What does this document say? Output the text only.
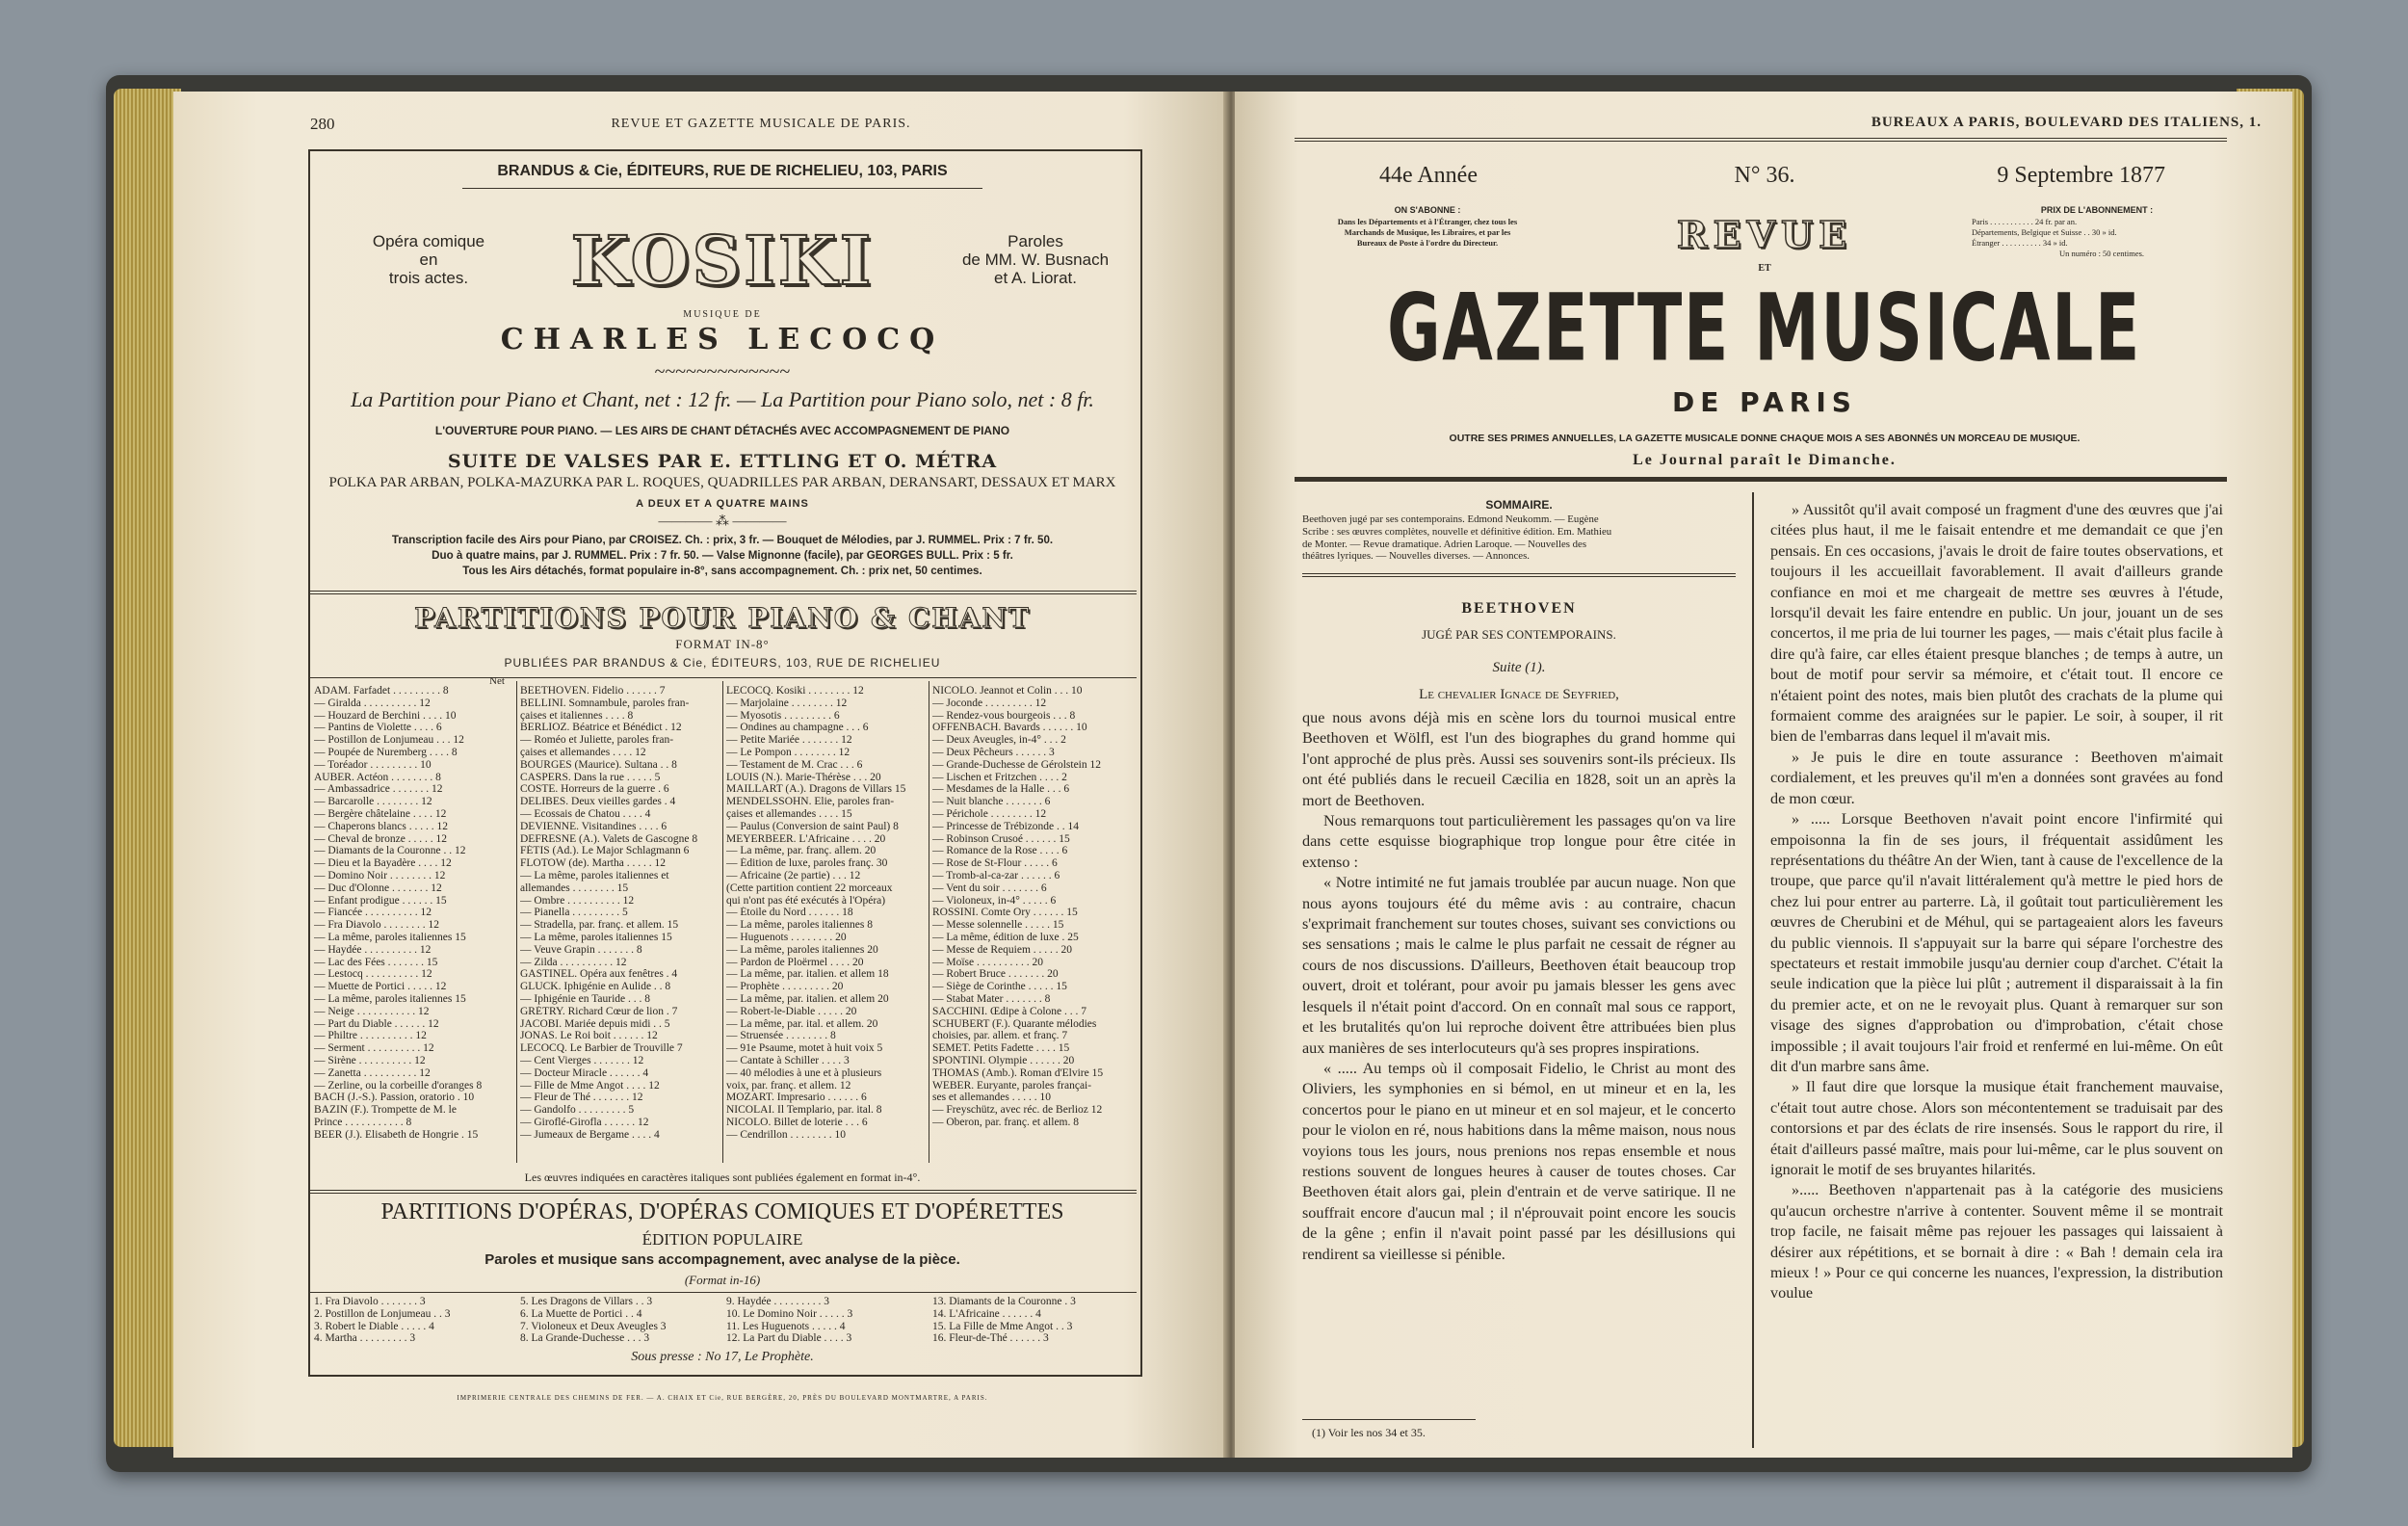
280	REVUE ET GAZETTE MUSICALE DE PARIS.
BRANDUS & Cie, ÉDITEURS, RUE DE RICHELIEU, 103, PARIS
Opéra comique
en
trois actes.	KOSIKI	Paroles
de MM. W. Busnach
et A. Liorat.
MUSIQUE DE
CHARLES LECOCQ
~~~~~~~~~~~~~
La Partition pour Piano et Chant, net : 12 fr. — La Partition pour Piano solo, net : 8 fr.
L'OUVERTURE POUR PIANO. — LES AIRS DE CHANT DÉTACHÉS AVEC ACCOMPAGNEMENT DE PIANO
SUITE DE VALSES PAR E. ETTLING ET O. MÉTRA
POLKA PAR ARBAN, POLKA-MAZURKA PAR L. ROQUES, QUADRILLES PAR ARBAN, DERANSART, DESSAUX ET MARX
A DEUX ET A QUATRE MAINS
———— ⁂ ————
Transcription facile des Airs pour Piano, par CROISEZ. Ch. : prix, 3 fr. — Bouquet de Mélodies, par J. RUMMEL. Prix : 7 fr. 50.
Duo à quatre mains, par J. RUMMEL. Prix : 7 fr. 50. — Valse Mignonne (facile), par GEORGES BULL. Prix : 5 fr.
Tous les Airs détachés, format populaire in-8°, sans accompagnement. Ch. : prix net, 50 centimes.
PARTITIONS POUR PIANO & CHANT
FORMAT IN-8°
PUBLIÉES PAR BRANDUS & Cie, ÉDITEURS, 103, RUE DE RICHELIEU
ADAM. Farfadet . . . . . . . . . 8
— Giralda . . . . . . . . . . 12
— Houzard de Berchini . . . . 10
— Pantins de Violette . . . . 6
— Postillon de Lonjumeau . . . 12
— Poupée de Nuremberg . . . . 8
— Toréador . . . . . . . . . 10
AUBER. Actéon . . . . . . . . 8
— Ambassadrice . . . . . . . 12
— Barcarolle . . . . . . . . 12
— Bergère châtelaine . . . . 12
— Chaperons blancs . . . . . 12
— Cheval de bronze . . . . . 12
— Diamants de la Couronne . . 12
— Dieu et la Bayadère . . . . 12
— Domino Noir . . . . . . . . 12
— Duc d'Olonne . . . . . . . 12
— Enfant prodigue . . . . . . 15
— Fiancée . . . . . . . . . . 12
— Fra Diavolo . . . . . . . . 12
— La même, paroles italiennes 15
— Haydée . . . . . . . . . . 12
— Lac des Fées . . . . . . . 15
— Lestocq . . . . . . . . . . 12
— Muette de Portici . . . . . 12
— La même, paroles italiennes 15
— Neige . . . . . . . . . . . 12
— Part du Diable . . . . . . 12
— Philtre . . . . . . . . . . 12
— Serment . . . . . . . . . . 12
— Sirène . . . . . . . . . . 12
— Zanetta . . . . . . . . . . 12
— Zerline, ou la corbeille d'oranges 8
BACH (J.-S.). Passion, oratorio . 10
BAZIN (F.). Trompette de M. le
Prince . . . . . . . . . . . 8
BEER (J.). Elisabeth de Hongrie . 15
BEETHOVEN. Fidelio . . . . . . 7
BELLINI. Somnambule, paroles fran-
çaises et italiennes . . . . 8
BERLIOZ. Béatrice et Bénédict . 12
— Roméo et Juliette, paroles fran-
çaises et allemandes . . . . 12
BOURGES (Maurice). Sultana . . 8
CASPERS. Dans la rue . . . . . 5
COSTE. Horreurs de la guerre . 6
DELIBES. Deux vieilles gardes . 4
— Ecossais de Chatou . . . . 4
DEVIENNE. Visitandines . . . . 6
DEFRESNE (A.). Valets de Gascogne 8
FÉTIS (Ad.). Le Major Schlagmann 6
FLOTOW (de). Martha . . . . . 12
— La même, paroles italiennes et
allemandes . . . . . . . . 15
— Ombre . . . . . . . . . . 12
— Pianella . . . . . . . . . 5
— Stradella, par. franç. et allem. 15
— La même, paroles italiennes 15
— Veuve Grapin . . . . . . . 8
— Zilda . . . . . . . . . . 12
GASTINEL. Opéra aux fenêtres . 4
GLUCK. Iphigénie en Aulide . . 8
— Iphigénie en Tauride . . . 8
GRÉTRY. Richard Cœur de lion . 7
JACOBI. Mariée depuis midi . . 5
JONAS. Le Roi boit . . . . . . 12
LECOCQ. Le Barbier de Trouville 7
— Cent Vierges . . . . . . . 12
— Docteur Miracle . . . . . . 4
— Fille de Mme Angot . . . . 12
— Fleur de Thé . . . . . . . 12
— Gandolfo . . . . . . . . . 5
— Giroflé-Girofla . . . . . . 12
— Jumeaux de Bergame . . . . 4
LECOCQ. Kosiki . . . . . . . . 12
— Marjolaine . . . . . . . . 12
— Myosotis . . . . . . . . . 6
— Ondines au champagne . . . 6
— Petite Mariée . . . . . . . 12
— Le Pompon . . . . . . . . 12
— Testament de M. Crac . . . 6
LOUIS (N.). Marie-Thérèse . . . 20
MAILLART (A.). Dragons de Villars 15
MENDELSSOHN. Elie, paroles fran-
çaises et allemandes . . . . 15
— Paulus (Conversion de saint Paul) 8
MEYERBEER. L'Africaine . . . . 20
— La même, par. franç. allem. 20
— Édition de luxe, paroles franç. 30
— Africaine (2e partie) . . . 12
(Cette partition contient 22 morceaux
qui n'ont pas été exécutés à l'Opéra)
— Étoile du Nord . . . . . . 18
— La même, paroles italiennes 8
— Huguenots . . . . . . . . 20
— La même, paroles italiennes 20
— Pardon de Ploërmel . . . . 20
— La même, par. italien. et allem 18
— Prophète . . . . . . . . . 20
— La même, par. italien. et allem 20
— Robert-le-Diable . . . . . 20
— La même, par. ital. et allem. 20
— Struensée . . . . . . . . 8
— 91e Psaume, motet à huit voix 5
— Cantate à Schiller . . . . 3
— 40 mélodies à une et à plusieurs
voix, par. franç. et allem. 12
MOZART. Impresario . . . . . . 6
NICOLAI. Il Templario, par. ital. 8
NICOLO. Billet de loterie . . . 6
— Cendrillon . . . . . . . . 10
NICOLO. Jeannot et Colin . . . 10
— Joconde . . . . . . . . . 12
— Rendez-vous bourgeois . . . 8
OFFENBACH. Bavards . . . . . . 10
— Deux Aveugles, in-4° . . . 2
— Deux Pêcheurs . . . . . . 3
— Grande-Duchesse de Gérolstein 12
— Lischen et Fritzchen . . . . 2
— Mesdames de la Halle . . . 6
— Nuit blanche . . . . . . . 6
— Périchole . . . . . . . . 12
— Princesse de Trébizonde . . 14
— Robinson Crusoé . . . . . . 15
— Romance de la Rose . . . . 6
— Rose de St-Flour . . . . . 6
— Tromb-al-ca-zar . . . . . . 6
— Vent du soir . . . . . . . 6
— Violoneux, in-4° . . . . . 6
ROSSINI. Comte Ory . . . . . . 15
— Messe solennelle . . . . . 15
— La même, édition de luxe . 25
— Messe de Requiem . . . . . 20
— Moïse . . . . . . . . . . 20
— Robert Bruce . . . . . . . 20
— Siège de Corinthe . . . . . 15
— Stabat Mater . . . . . . . 8
SACCHINI. Œdipe à Colone . . . 7
SCHUBERT (F.). Quarante mélodies
choisies, par. allem. et franç. 7
SEMET. Petits Fadette . . . . 15
SPONTINI. Olympie . . . . . . 20
THOMAS (Amb.). Roman d'Elvire 15
WEBER. Euryante, paroles françai-
ses et allemandes . . . . . 10
— Freyschütz, avec réc. de Berlioz 12
— Oberon, par. franç. et allem. 8
Net
Les œuvres indiquées en caractères italiques sont publiées également en format in-4°.
PARTITIONS D'OPÉRAS, D'OPÉRAS COMIQUES ET D'OPÉRETTES
ÉDITION POPULAIRE
Paroles et musique sans accompagnement, avec analyse de la pièce.
(Format in-16)
1. Fra Diavolo . . . . . . . 3
2. Postillon de Lonjumeau . . 3
3. Robert le Diable . . . . . 4
4. Martha . . . . . . . . . 3
5. Les Dragons de Villars . . 3
6. La Muette de Portici . . 4
7. Violoneux et Deux Aveugles 3
8. La Grande-Duchesse . . . 3
9. Haydée . . . . . . . . . 3
10. Le Domino Noir . . . . . 3
11. Les Huguenots . . . . . 4
12. La Part du Diable . . . . 3
13. Diamants de la Couronne . 3
14. L'Africaine . . . . . . 4
15. La Fille de Mme Angot . . 3
16. Fleur-de-Thé . . . . . . 3
Sous presse : No 17, Le Prophète.
IMPRIMERIE CENTRALE DES CHEMINS DE FER. — A. CHAIX ET Cie, RUE BERGÈRE, 20, PRÈS DU BOULEVARD MONTMARTRE, A PARIS.
BUREAUX A PARIS, BOULEVARD DES ITALIENS, 1.
44e Année	N° 36.	9 Septembre 1877
ON S'ABONNE :
Dans les Départements et à l'Étranger, chez tous les
Marchands de Musique, les Libraires, et par les
Bureaux de Poste à l'ordre du Directeur.
PRIX DE L'ABONNEMENT :
Paris . . . . . . . . . . . 24 fr. par an.
Départements, Belgique et Suisse . . 30 » id.
Étranger . . . . . . . . . . 34 » id.
Un numéro : 50 centimes.
REVUE
ET
GAZETTE MUSICALE
DE PARIS
OUTRE SES PRIMES ANNUELLES, LA GAZETTE MUSICALE DONNE CHAQUE MOIS A SES ABONNÉS UN MORCEAU DE MUSIQUE.
Le Journal paraît le Dimanche.
SOMMAIRE.
Beethoven jugé par ses contemporains. Edmond Neukomm. — Eugène
Scribe : ses œuvres complètes, nouvelle et définitive édition. Em. Mathieu
de Monter. — Revue dramatique. Adrien Laroque. — Nouvelles des
théâtres lyriques. — Nouvelles diverses. — Annonces.
BEETHOVEN
JUGÉ PAR SES CONTEMPORAINS.
Suite (1).
Le chevalier Ignace de Seyfried,

que nous avons déjà mis en scène lors du tournoi musical entre Beethoven et Wölfl, est l'un des biographes du grand homme qui l'ont approché de plus près. Aussi ses souvenirs sont-ils précieux. Ils ont été publiés dans le recueil Cæcilia en 1828, soit un an après la mort de Beethoven.

Nous remarquons tout particulièrement les passages qu'on va lire dans cette esquisse biographique trop longue pour être citée in extenso :

« Notre intimité ne fut jamais troublée par aucun nuage. Non que nous ayons toujours été du même avis : au contraire, chacun s'exprimait franchement sur toutes choses, suivant ses convictions ou ses sensations ; mais le calme le plus parfait ne cessait de régner au cours de nos discussions. D'ailleurs, Beethoven était beaucoup trop ouvert, droit et tolérant, pour avoir pu jamais blesser les gens avec lesquels il n'était point d'accord. On en connaît mal sous ce rapport, et les brutalités qu'on lui reproche doivent être attribuées bien plus aux manières de ses interlocuteurs qu'à ses propres inspirations.

« ..... Au temps où il composait Fidelio, le Christ au mont des Oliviers, les symphonies en si bémol, en ut mineur et en la, les concertos pour le piano en ut mineur et en sol majeur, et le concerto pour le violon en ré, nous habitions dans la même maison, nous nous voyions tous les jours, nous prenions nos repas ensemble et nous restions souvent de longues heures à causer de toutes choses. Car Beethoven était alors gai, plein d'entrain et de verve satirique. Il ne souffrait encore d'aucun mal ; il n'éprouvait point encore les soucis de la gêne ; enfin il n'avait point passé par les désillusions qui rendirent sa vieillesse si pénible.

(1) Voir les nos 34 et 35.

» Aussitôt qu'il avait composé un fragment d'une des œuvres que j'ai citées plus haut, il me le faisait entendre et me demandait ce que j'en pensais. En ces occasions, j'avais le droit de faire toutes observations, et toujours il les accueillait favorablement. Il avait d'ailleurs grande confiance en moi et me chargeait de mettre ses œuvres à l'étude, lorsqu'il devait les faire entendre en public. Un jour, jouant un de ses concertos, il me pria de lui tourner les pages, — mais c'était plus facile à dire qu'à faire, car elles étaient presque blanches ; de temps à autre, un bout de motif pour servir sa mémoire, et c'était tout. Il encore ce n'étaient point des notes, mais bien plutôt des crachats de la plume qui formaient comme des araignées sur le papier. Le soir, à souper, il rit bien de l'embarras dans lequel il m'avait mis.

» Je puis le dire en toute assurance : Beethoven m'aimait cordialement, et les preuves qu'il m'en a données sont gravées au fond de mon cœur.

» ..... Lorsque Beethoven n'avait point encore l'infirmité qui empoisonna la fin de ses jours, il fréquentait assidûment les représentations du théâtre An der Wien, tant à cause de l'excellence de la troupe, que parce qu'il n'avait littéralement qu'à mettre le pied hors de chez lui pour entrer au parterre. Là, il goûtait tout particulièrement les œuvres de Cherubini et de Méhul, qui se partageaient alors les faveurs du public viennois. Il s'appuyait sur la barre qui sépare l'orchestre des spectateurs et restait immobile jusqu'au dernier coup d'archet. C'était la seule indication que la pièce lui plût ; autrement il disparaissait à la fin du premier acte, et on ne le revoyait plus. Quant à remarquer sur son visage des signes d'approbation ou d'improbation, c'était chose impossible ; il avait toujours l'air froid et renfermé en lui-même. On eût dit d'un marbre sans âme.

» Il faut dire que lorsque la musique était franchement mauvaise, c'était tout autre chose. Alors son mécontentement se traduisait par des contorsions et par des éclats de rire insensés. Sous le rapport du rire, il était d'ailleurs passé maître, mais pour lui-même, car le plus souvent on ignorait le motif de ses bruyantes hilarités.

»..... Beethoven n'appartenait pas à la catégorie des musiciens qu'aucun orchestre n'arrive à contenter. Souvent même il se montrait trop facile, ne faisait même pas rejouer les passages qui laissaient à désirer aux répétitions, et se bornait à dire : « Bah ! demain cela ira mieux ! » Pour ce qui concerne les nuances, l'expression, la distribution voulue
